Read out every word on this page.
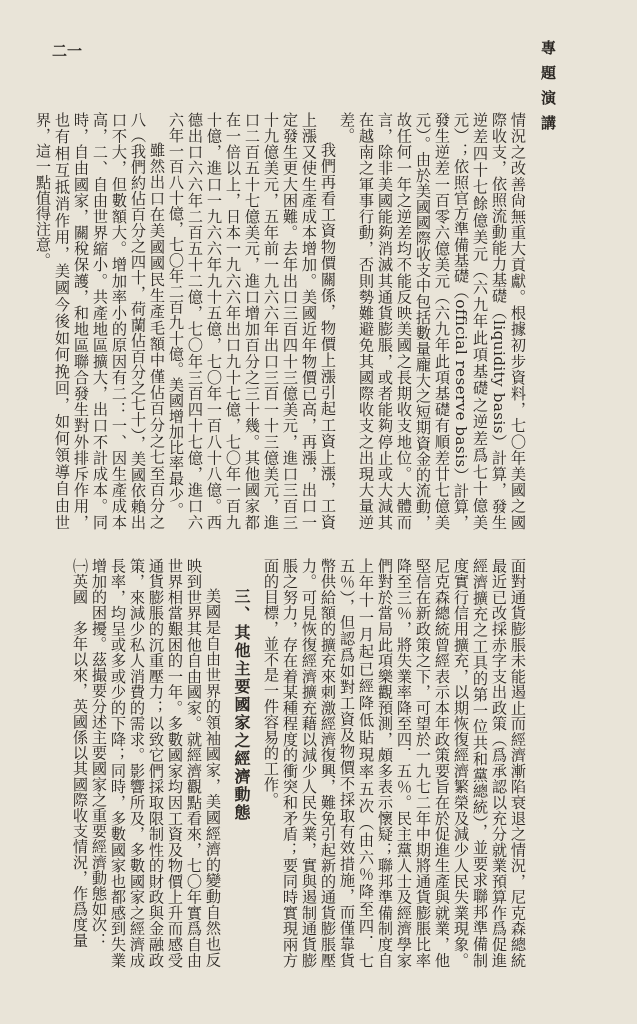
專題演講
二一

情況之改善尙無重大貢獻。根據初步資料，七〇年美國之國際收支，依照流動能力基礎（liquidity basis）計算，發生逆差四十七餘億美元（六九年此項基礎之逆差爲七十億美元）；依照官方準備基礎（official reserve basis）計算，發生逆差一百零六億美元（六九年此項基礎有順差廿七億美元）。由於美國國際收支中包括數量龐大之短期資金的流動，故任何一年之逆差均不能反映美國之長期收支地位。大體而言，除非美國能夠消滅其通貨膨脹，或者能夠停止或大減其在越南之軍事行動，否則勢難避免其國際收支之出現大量逆差。

我們再看工資物價關係，物價上漲引起工資上漲，工資上漲又使生產成本增加。美國近年物價已高，再漲，出口一定發生更大困難。去年出口三百四十三億美元，進口三百三十九億美元，五年前一九六六年出口三百一十三億美元，進口二百五十七億美元，進口增加百分之三十幾。其他國家都在一倍以上，日本一九六六年出口九十七億，七〇年一百九十億，進口一九六六年九十五億，七〇年一百八十八億。西德出口六六年二百五十二億，七〇年三百四十七億，進口六六年一百八十億，七〇年二百九十億。美國增加比率最少。

雖然出口在美國國民生產毛額中僅佔百分之七至百分之八（我們約佔百分之四十，荷蘭佔百分之七十），美國依賴出口不大，但數額大。增加率小的原因有二：一、因生產成本高，二、自由世界縮小。共產地區擴大，出口不計成本。同時，自由國家，關稅保護，和地區聯合發生對外排斥作用，也有相互抵消作用，美國今後如何挽回，如何領導自由世界，這一點值得注意。

面對通貨膨脹未能遏止而經濟漸陷衰退之情況，尼克森總統最近已改採赤字支出政策（爲承認以充分就業預算作爲促進經濟擴充之工具的第一位共和黨總統），並要求聯邦準備制度實行信用擴充，以期恢復經濟繁榮及減少人民失業現象。尼克森總統曾經表示本年政策要旨在於促進生產與就業，他堅信在新政策之下，可望於一九七二年中期將通貨膨脹比率降至三％，將失業率降至四．五％。民主黨人士及經濟學家們對於當局此項樂觀預測，頗多表示懷疑；聯邦準備制度自上年十一月起已經降低貼現率五次（由六％降至四．七五％），但認爲如對工資及物價不採取有效措施，而僅靠貨幣供給額的擴充來刺激經濟復興，難免引起新的通貨膨脹壓力。可見恢復經濟擴充藉以減少人民失業，實與遏制通貨膨脹之努力，存在着某種程度的衝突和矛盾；要同時實現兩方面的目標，並不是一件容易的工作。

三、其他主要國家之經濟動態

美國是自由世界的領袖國家，美國經濟的變動自然也反映到世界其他自由國家。就經濟觀點看來，七〇年實爲自由世界相當艱困的一年。多數國家均因工資及物價上升而感受通貨膨脹的沉重壓力；以致它們採取限制性的財政與金融政策，來減少私人消費的需求。影響所及，多數國家之經濟成長率，均呈或多或少的下降；同時，多數國家也都感到失業增加的困擾。茲撮要分述主要國家之重要經濟動態如次：

㈠英國　多年以來，英國係以其國際收支情況，作爲度量
